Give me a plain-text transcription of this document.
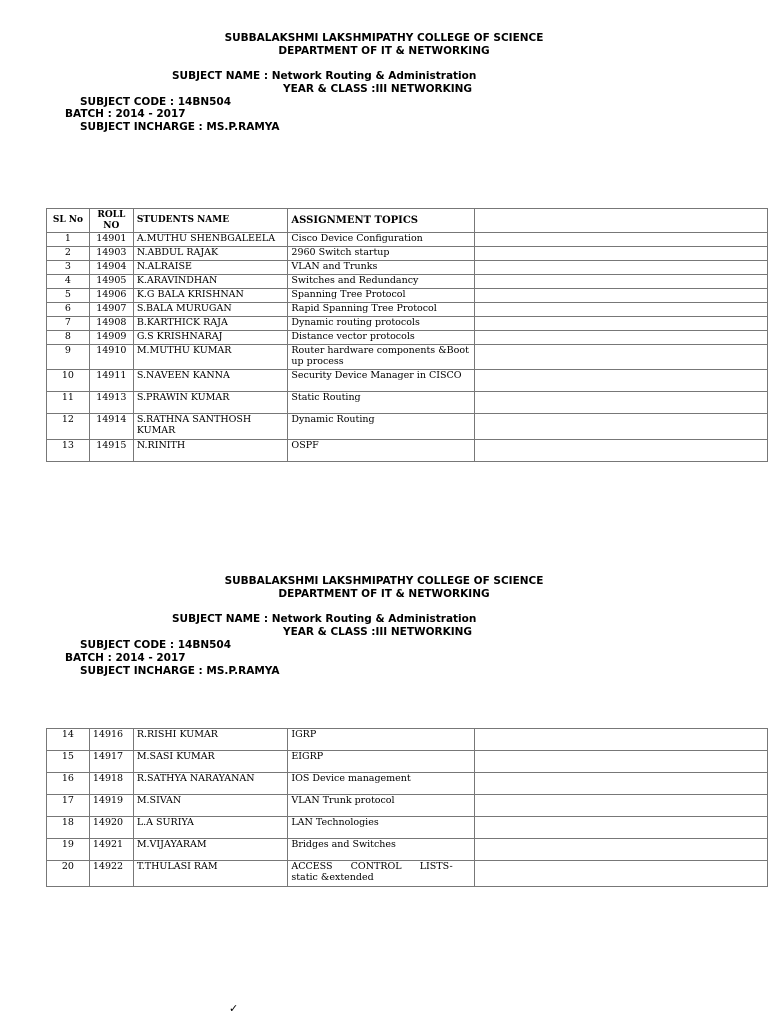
SUBBALAKSHMI LAKSHMIPATHY COLLEGE OF SCIENCE
DEPARTMENT OF IT & NETWORKING
SUBJECT NAME : Network Routing & Administration
YEAR & CLASS :III NETWORKING
SUBJECT CODE : 14BN504
BATCH : 2014 - 2017
SUBJECT INCHARGE : MS.P.RAMYA
SL No	ROLL NO	STUDENTS NAME	ASSIGNMENT TOPICS	
1	14901	A.MUTHU SHENBGALEELA	Cisco Device Configuration	
2	14903	N.ABDUL RAJAK	2960 Switch startup	
3	14904	N.ALRAISE	VLAN and Trunks	
4	14905	K.ARAVINDHAN	Switches and Redundancy	
5	14906	K.G BALA KRISHNAN	Spanning Tree Protocol	
6	14907	S.BALA MURUGAN	Rapid Spanning Tree Protocol	
7	14908	B.KARTHICK RAJA	Dynamic routing protocols	
8	14909	G.S KRISHNARAJ	Distance vector protocols	
9	14910	M.MUTHU KUMAR	Router hardware components &Boot up process	
10	14911	S.NAVEEN KANNA	Security Device Manager in CISCO	
11	14913	S.PRAWIN KUMAR	Static Routing	
12	14914	S.RATHNA SANTHOSH KUMAR	Dynamic Routing	
13	14915	N.RINITH	OSPF	
SUBBALAKSHMI LAKSHMIPATHY COLLEGE OF SCIENCE
DEPARTMENT OF IT & NETWORKING
SUBJECT NAME : Network Routing & Administration
YEAR & CLASS :III NETWORKING
SUBJECT CODE : 14BN504
BATCH : 2014 - 2017
SUBJECT INCHARGE : MS.P.RAMYA
14	14916	R.RISHI KUMAR	IGRP	
15	14917	M.SASI KUMAR	EIGRP	
16	14918	R.SATHYA NARAYANAN	IOS Device management	
17	14919	M.SIVAN	VLAN Trunk protocol	
18	14920	L.A SURIYA	LAN Technologies	
19	14921	M.VIJAYARAM	Bridges and Switches	
20	14922	T.THULASI RAM	ACCESS      CONTROL      LISTS-static &extended	
✓
